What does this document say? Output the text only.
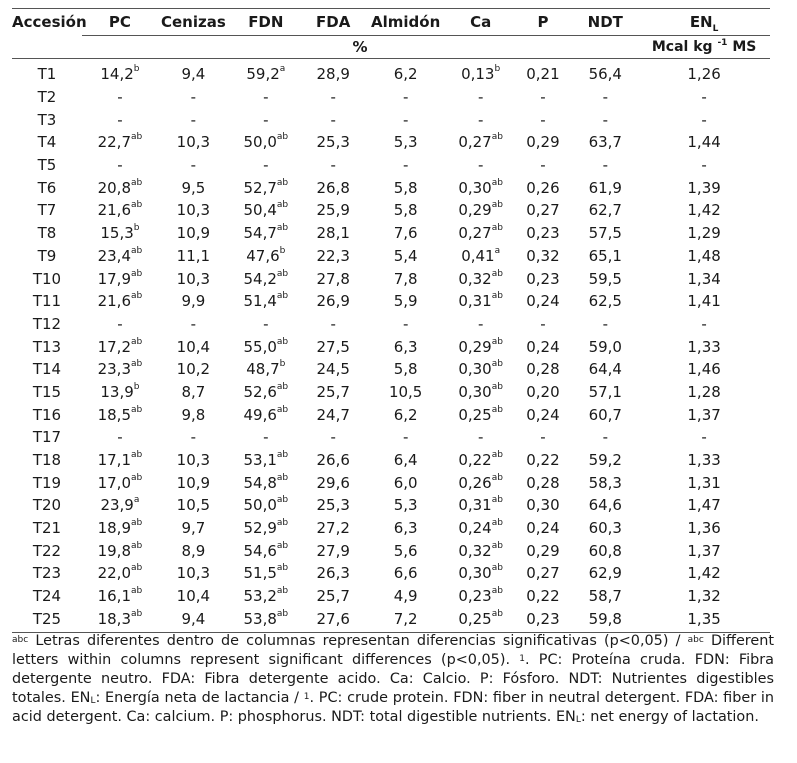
Accesión	PC	Cenizas	FDN	FDA	Almidón	Ca	P	NDT	$EN_L$
	%								Mcal kg $^{-1}$ MS
T1	14,2$^b$	9,4	59,2$^a$	28,9	6,2	0,13$^b$	0,21	56,4	1,26
T2	-	-	-	-	-	-	-	-	-
T3	-	-	-	-	-	-	-	-	-
T4	22,7$^{ab}$	10,3	50,0$^{ab}$	25,3	5,3	0,27$^{ab}$	0,29	63,7	1,44
T5	-	-	-	-	-	-	-	-	-
T6	20,8$^{ab}$	9,5	52,7$^{ab}$	26,8	5,8	0,30$^{ab}$	0,26	61,9	1,39
T7	21,6$^{ab}$	10,3	50,4$^{ab}$	25,9	5,8	0,29$^{ab}$	0,27	62,7	1,42
T8	15,3$^b$	10,9	54,7$^{ab}$	28,1	7,6	0,27$^{ab}$	0,23	57,5	1,29
T9	23,4$^{ab}$	11,1	47,6$^b$	22,3	5,4	0,41$^a$	0,32	65,1	1,48
T10	17,9$^{ab}$	10,3	54,2$^{ab}$	27,8	7,8	0,32$^{ab}$	0,23	59,5	1,34
T11	21,6$^{ab}$	9,9	51,4$^{ab}$	26,9	5,9	0,31$^{ab}$	0,24	62,5	1,41
T12	-	-	-	-	-	-	-	-	-
T13	17,2$^{ab}$	10,4	55,0$^{ab}$	27,5	6,3	0,29$^{ab}$	0,24	59,0	1,33
T14	23,3$^{ab}$	10,2	48,7$^b$	24,5	5,8	0,30$^{ab}$	0,28	64,4	1,46
T15	13,9$^b$	8,7	52,6$^{ab}$	25,7	10,5	0,30$^{ab}$	0,20	57,1	1,28
T16	18,5$^{ab}$	9,8	49,6$^{ab}$	24,7	6,2	0,25$^{ab}$	0,24	60,7	1,37
T17	-	-	-	-	-	-	-	-	-
T18	17,1$^{ab}$	10,3	53,1$^{ab}$	26,6	6,4	0,22$^{ab}$	0,22	59,2	1,33
T19	17,0$^{ab}$	10,9	54,8$^{ab}$	29,6	6,0	0,26$^{ab}$	0,28	58,3	1,31
T20	23,9$^a$	10,5	50,0$^{ab}$	25,3	5,3	0,31$^{ab}$	0,30	64,6	1,47
T21	18,9$^{ab}$	9,7	52,9$^{ab}$	27,2	6,3	0,24$^{ab}$	0,24	60,3	1,36
T22	19,8$^{ab}$	8,9	54,6$^{ab}$	27,9	5,6	0,32$^{ab}$	0,29	60,8	1,37
T23	22,0$^{ab}$	10,3	51,5$^{ab}$	26,3	6,6	0,30$^{ab}$	0,27	62,9	1,42
T24	16,1$^{ab}$	10,4	53,2$^{ab}$	25,7	4,9	0,23$^{ab}$	0,22	58,7	1,32
T25	18,3$^{ab}$	9,4	53,8$^{ab}$	27,6	7,2	0,25$^{ab}$	0,23	59,8	1,35

$^{abc}$ Letras diferentes dentro de columnas representan diferencias significativas (p<0,05) / $^{abc}$ Different letters within columns represent significant differences (p<0,05). $^1$. PC: Proteína cruda. FDN: Fibra detergente neutro. FDA: Fibra detergente acido. Ca: Calcio. P: Fósforo. NDT: Nutrientes digestibles totales. $EN_L$: Energía neta de lactancia / $^1$. PC: crude protein. FDN: fiber in neutral detergent. FDA: fiber in acid detergent. Ca: calcium. P: phosphorus. NDT: total digestible nutrients. $EN_L$: net energy of lactation.
